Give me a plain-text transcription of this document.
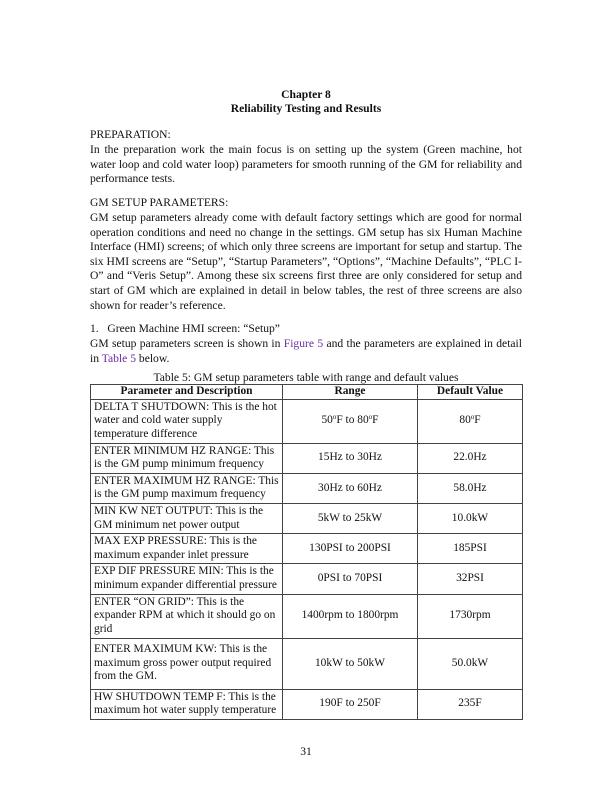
Chapter 8
Reliability Testing and Results
PREPARATION:
In the preparation work the main focus is on setting up the system (Green machine, hot water loop and cold water loop) parameters for smooth running of the GM for reliability and performance tests.
GM SETUP PARAMETERS:
GM setup parameters already come with default factory settings which are good for normal operation conditions and need no change in the settings. GM setup has six Human Machine Interface (HMI) screens; of which only three screens are important for setup and startup. The six HMI screens are “Setup”, “Startup Parameters”, “Options”, “Machine Defaults”, “PLC I-O” and “Veris Setup”. Among these six screens first three are only considered for setup and start of GM which are explained in detail in below tables, the rest of three screens are also shown for reader’s reference.
1.   Green Machine HMI screen: “Setup”
GM setup parameters screen is shown in Figure 5 and the parameters are explained in detail in Table 5 below.
Table 5: GM setup parameters table with range and default values
Parameter and Description	Range	Default Value
DELTA T SHUTDOWN: This is the hot water and cold water supply temperature difference	50$^o$F to 80$^o$F	80$^o$F
ENTER MINIMUM HZ RANGE: This is the GM pump minimum frequency	15Hz to 30Hz	22.0Hz
ENTER MAXIMUM HZ RANGE: This is the GM pump maximum frequency	30Hz to 60Hz	58.0Hz
MIN KW NET OUTPUT: This is the GM minimum net power output	5kW to 25kW	10.0kW
MAX EXP PRESSURE: This is the maximum expander inlet pressure	130PSI to 200PSI	185PSI
EXP DIF PRESSURE MIN: This is the minimum expander differential pressure	0PSI to 70PSI	32PSI
ENTER “ON GRID”: This is the expander RPM at which it should go on grid	1400rpm to 1800rpm	1730rpm
ENTER MAXIMUM KW: This is the maximum gross power output required from the GM.	10kW to 50kW	50.0kW
HW SHUTDOWN TEMP F: This is the maximum hot water supply temperature	190F to 250F	235F
31
